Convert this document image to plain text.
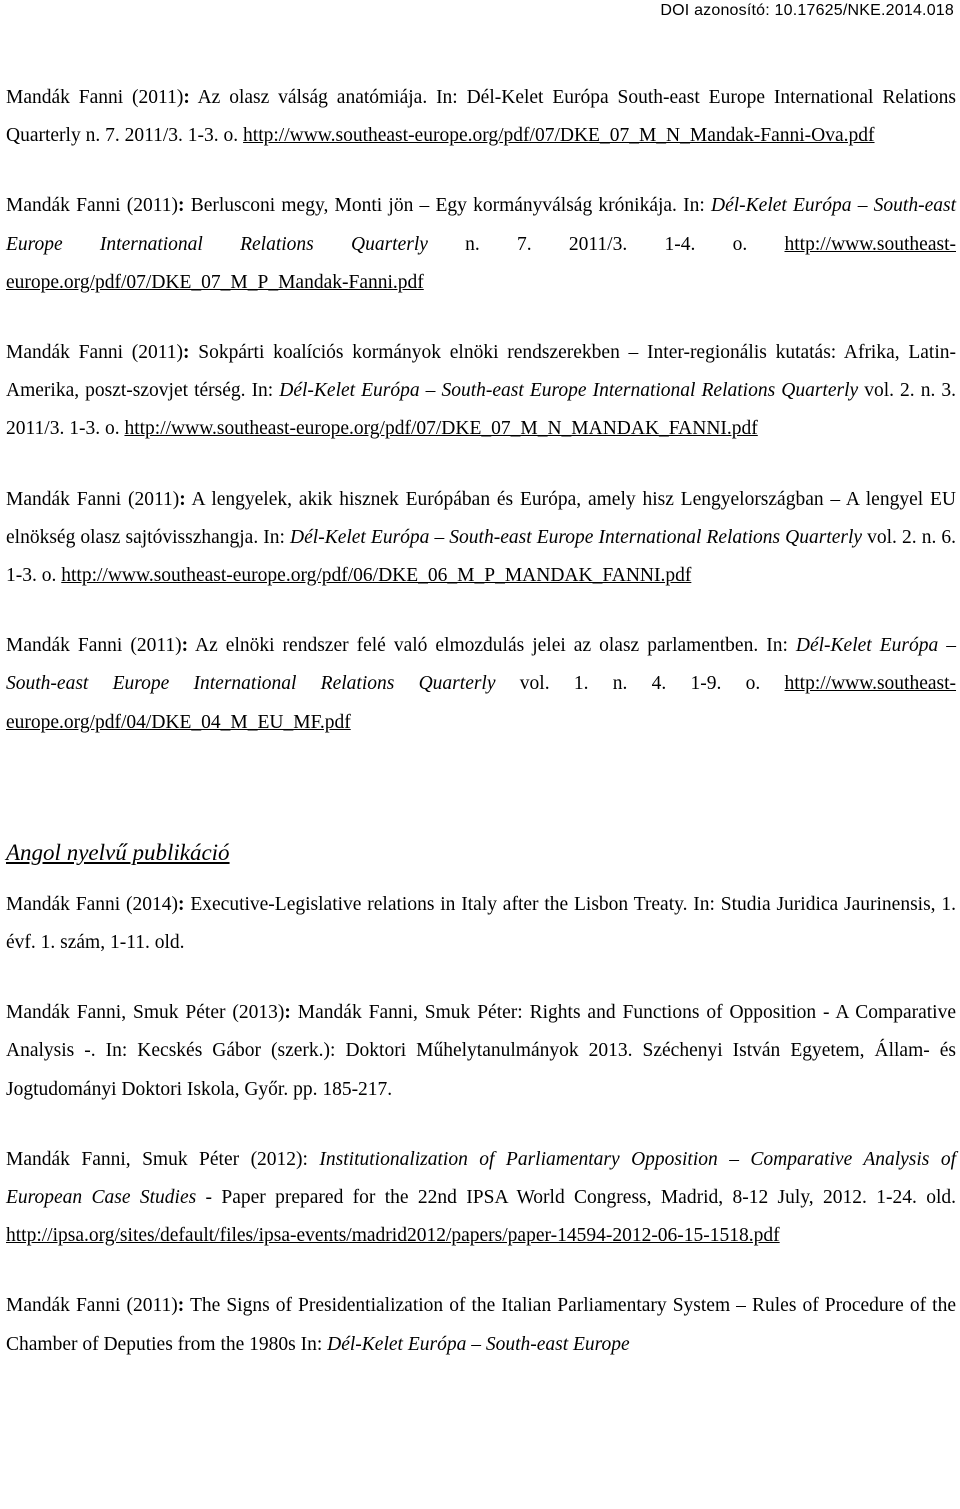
DOI azonosító: 10.17625/NKE.2014.018

Mandák Fanni (2011): Az olasz válság anatómiája. In: Dél-Kelet Európa South-east Europe International Relations Quarterly n. 7. 2011/3. 1-3. o. http://www.southeast-europe.org/pdf/07/DKE_07_M_N_Mandak-Fanni-Ova.pdf

Mandák Fanni (2011): Berlusconi megy, Monti jön – Egy kormányválság krónikája. In: Dél-Kelet Európa – South-east Europe International Relations Quarterly n. 7. 2011/3. 1-4. o. http://www.southeast-europe.org/pdf/07/DKE_07_M_P_Mandak-Fanni.pdf

Mandák Fanni (2011): Sokpárti koalíciós kormányok elnöki rendszerekben – Inter-regionális kutatás: Afrika, Latin-Amerika, poszt-szovjet térség. In: Dél-Kelet Európa – South-east Europe International Relations Quarterly vol. 2. n. 3. 2011/3. 1-3. o. http://www.southeast-europe.org/pdf/07/DKE_07_M_N_MANDAK_FANNI.pdf

Mandák Fanni (2011): A lengyelek, akik hisznek Európában és Európa, amely hisz Lengyelországban – A lengyel EU elnökség olasz sajtóvisszhangja. In: Dél-Kelet Európa – South-east Europe International Relations Quarterly vol. 2. n. 6. 1-3. o. http://www.southeast-europe.org/pdf/06/DKE_06_M_P_MANDAK_FANNI.pdf

Mandák Fanni (2011): Az elnöki rendszer felé való elmozdulás jelei az olasz parlamentben. In: Dél-Kelet Európa – South-east Europe International Relations Quarterly vol. 1. n. 4. 1-9. o. http://www.southeast-europe.org/pdf/04/DKE_04_M_EU_MF.pdf

Angol nyelvű publikáció

Mandák Fanni (2014): Executive-Legislative relations in Italy after the Lisbon Treaty. In: Studia Juridica Jaurinensis, 1. évf. 1. szám, 1-11. old.

Mandák Fanni, Smuk Péter (2013): Mandák Fanni, Smuk Péter: Rights and Functions of Opposition - A Comparative Analysis -. In: Kecskés Gábor (szerk.): Doktori Műhelytanulmányok 2013. Széchenyi István Egyetem, Állam- és Jogtudományi Doktori Iskola, Győr. pp. 185-217.

Mandák Fanni, Smuk Péter (2012): Institutionalization of Parliamentary Opposition – Comparative Analysis of European Case Studies - Paper prepared for the 22nd IPSA World Congress, Madrid, 8-12 July, 2012. 1-24. old. http://ipsa.org/sites/default/files/ipsa-events/madrid2012/papers/paper-14594-2012-06-15-1518.pdf

Mandák Fanni (2011): The Signs of Presidentialization of the Italian Parliamentary System – Rules of Procedure of the Chamber of Deputies from the 1980s In: Dél-Kelet Európa – South-east Europe
